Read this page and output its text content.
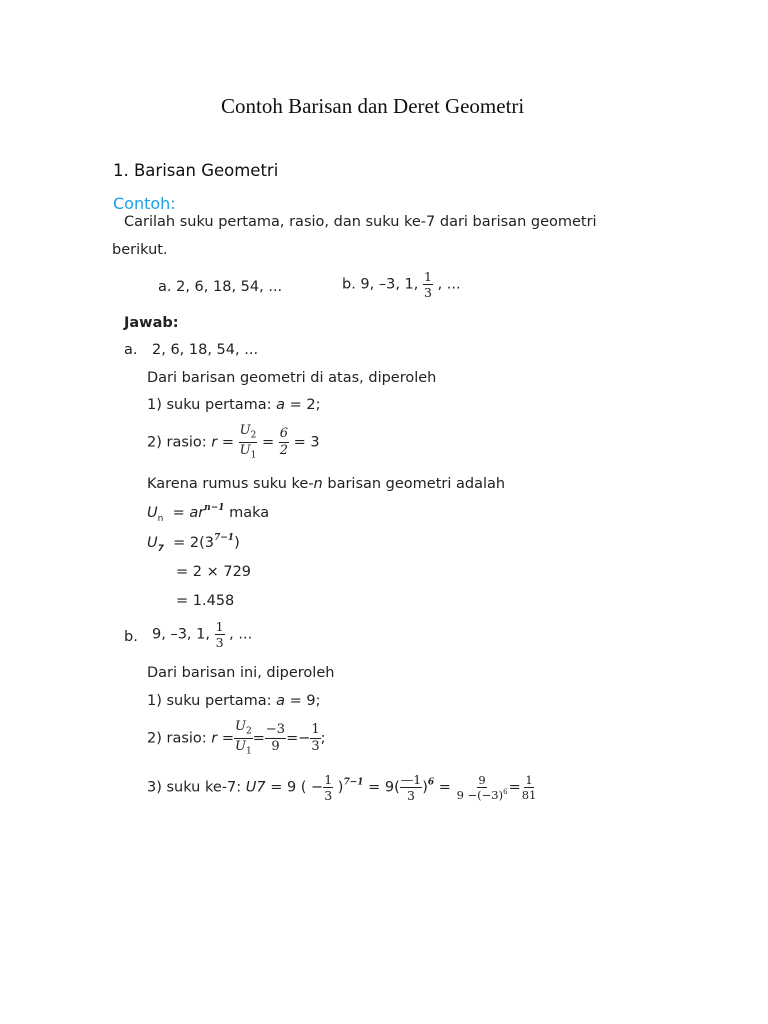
Contoh Barisan dan Deret Geometri
1. Barisan Geometri
Contoh:
Carilah suku pertama, rasio, dan suku ke-7 dari barisan geometri
berikut.
a. 2, 6, 18, 54, ...	b. 9, –3, 1, $\frac{1}{3}$ , ...
Jawab:
a. 2, 6, 18, 54, ...
Dari barisan geometri di atas, diperoleh
1) suku pertama: a = 2;
2) rasio: $r = \frac{U_2}{U_1} = \frac{6}{2} = 3$
Karena rumus suku ke-n barisan geometri adalah
$U_n = ar^{n-1}$ maka
$U_7 = 2(3^{7-1})$
= 2 × 729
= 1.458
b. 9, –3, 1, $\frac{1}{3}$ , ...
Dari barisan ini, diperoleh
1) suku pertama: a = 9;
2) rasio: $r = \frac{U_2}{U_1} = \frac{-3}{9} =- \frac{1}{3}$ ;
3) suku ke-7: U7 = 9 ( − $\frac{1}{3} )^{7-1} = 9( \frac{—1}{3} )^6 = \frac{9}{9 -(-3)^6} = \frac{1}{81}$
